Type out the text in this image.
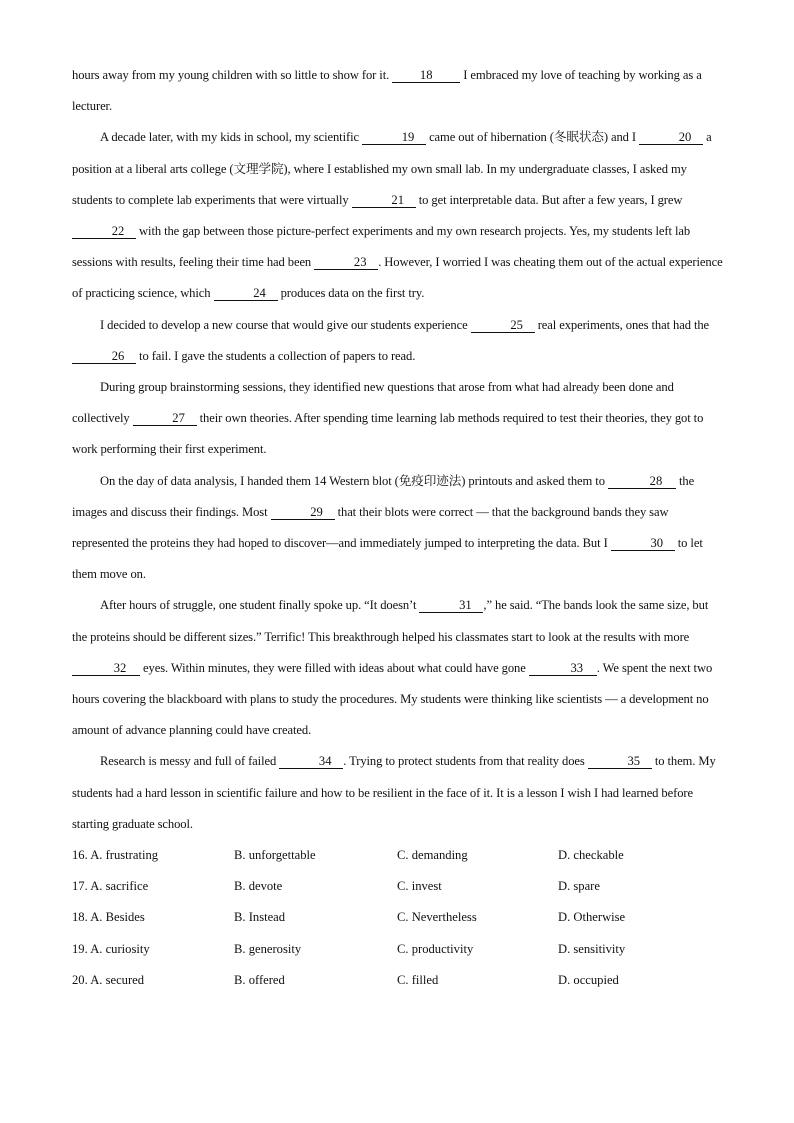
hours away from my young children with so little to show for it. 18 I embraced my love of teaching by working as a lecturer.

A decade later, with my kids in school, my scientific	19 came out of hibernation (冬眠状态) and I	20 a position at a liberal arts college (文理学院), where I established my own small lab. In my undergraduate classes, I asked my students to complete lab experiments that were virtually	21 to get interpretable data. But after a few years, I grew 22 with the gap between those picture-perfect experiments and my own research projects. Yes, my students left lab sessions with results, feeling their time had been	23 . However, I worried I was cheating them out of the actual experience of practicing science, which	24 produces data on the first try.

I decided to develop a new course that would give our students experience	25 real experiments, ones that had the 26 to fail. I gave the students a collection of papers to read.

During group brainstorming sessions, they identified new questions that arose from what had already been done and collectively	27 their own theories. After spending time learning lab methods required to test their theories, they got to work performing their first experiment.

On the day of data analysis, I handed them 14 Western blot (免疫印迹法) printouts and asked them to	28 the images and discuss their findings. Most	29 that their blots were correct — that the background bands they saw represented the proteins they had hoped to discover—and immediately jumped to interpreting the data. But I	30 to let them move on.

After hours of struggle, one student finally spoke up. “It doesn’t	31 ,” he said. “The bands look the same size, but the proteins should be different sizes.” Terrific! This breakthrough helped his classmates start to look at the results with more 32 eyes. Within minutes, they were filled with ideas about what could have gone	33 . We spent the next two hours covering the blackboard with plans to study the procedures. My students were thinking like scientists — a development no amount of advance planning could have created.

Research is messy and full of failed	34 . Trying to protect students from that reality does	35 to them. My students had a hard lesson in scientific failure and how to be resilient in the face of it. It is a lesson I wish I had learned before starting graduate school.

16. A. frustrating	B. unforgettable	C. demanding	D. checkable
17. A. sacrifice	B. devote	C. invest	D. spare
18. A. Besides	B. Instead	C. Nevertheless	D. Otherwise
19. A. curiosity	B. generosity	C. productivity	D. sensitivity
20. A. secured	B. offered	C. filled	D. occupied
